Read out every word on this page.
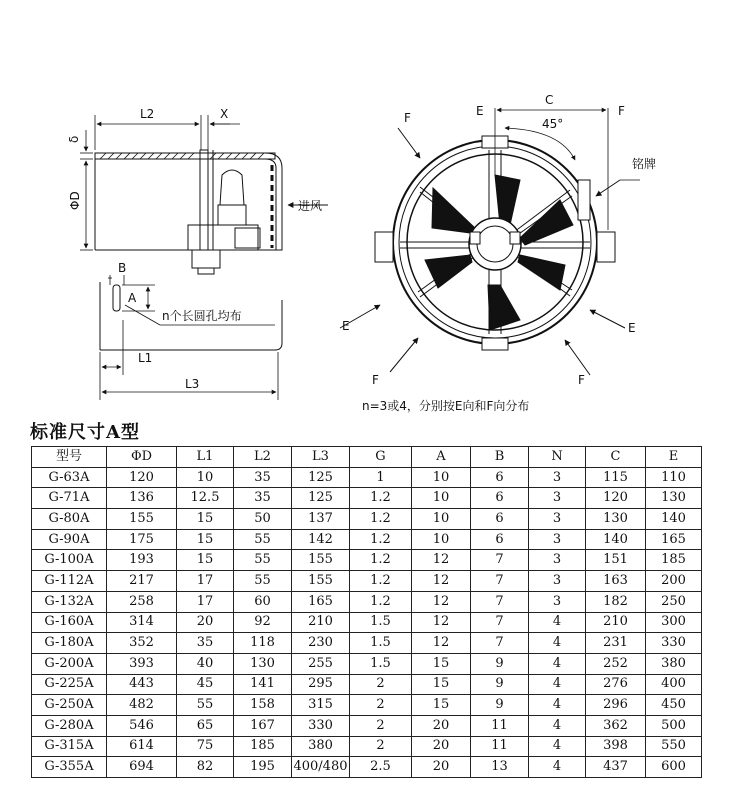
L2	X
δ
ΦD
B
A
L1
L3
进风
n个长圆孔均布
E
C
F
45°
F
铭牌
E
F
E
F
n=3或4，分别按E向和F向分布
标准尺寸A型
型号	ΦD	L1	L2	L3	G	A	B	N	C	E
G-63A	120	10	35	125	1	10	6	3	115	110
G-71A	136	12.5	35	125	1.2	10	6	3	120	130
G-80A	155	15	50	137	1.2	10	6	3	130	140
G-90A	175	15	55	142	1.2	10	6	3	140	165
G-100A	193	15	55	155	1.2	12	7	3	151	185
G-112A	217	17	55	155	1.2	12	7	3	163	200
G-132A	258	17	60	165	1.2	12	7	3	182	250
G-160A	314	20	92	210	1.5	12	7	4	210	300
G-180A	352	35	118	230	1.5	12	7	4	231	330
G-200A	393	40	130	255	1.5	15	9	4	252	380
G-225A	443	45	141	295	2	15	9	4	276	400
G-250A	482	55	158	315	2	15	9	4	296	450
G-280A	546	65	167	330	2	20	11	4	362	500
G-315A	614	75	185	380	2	20	11	4	398	550
G-355A	694	82	195	400/480	2.5	20	13	4	437	600
